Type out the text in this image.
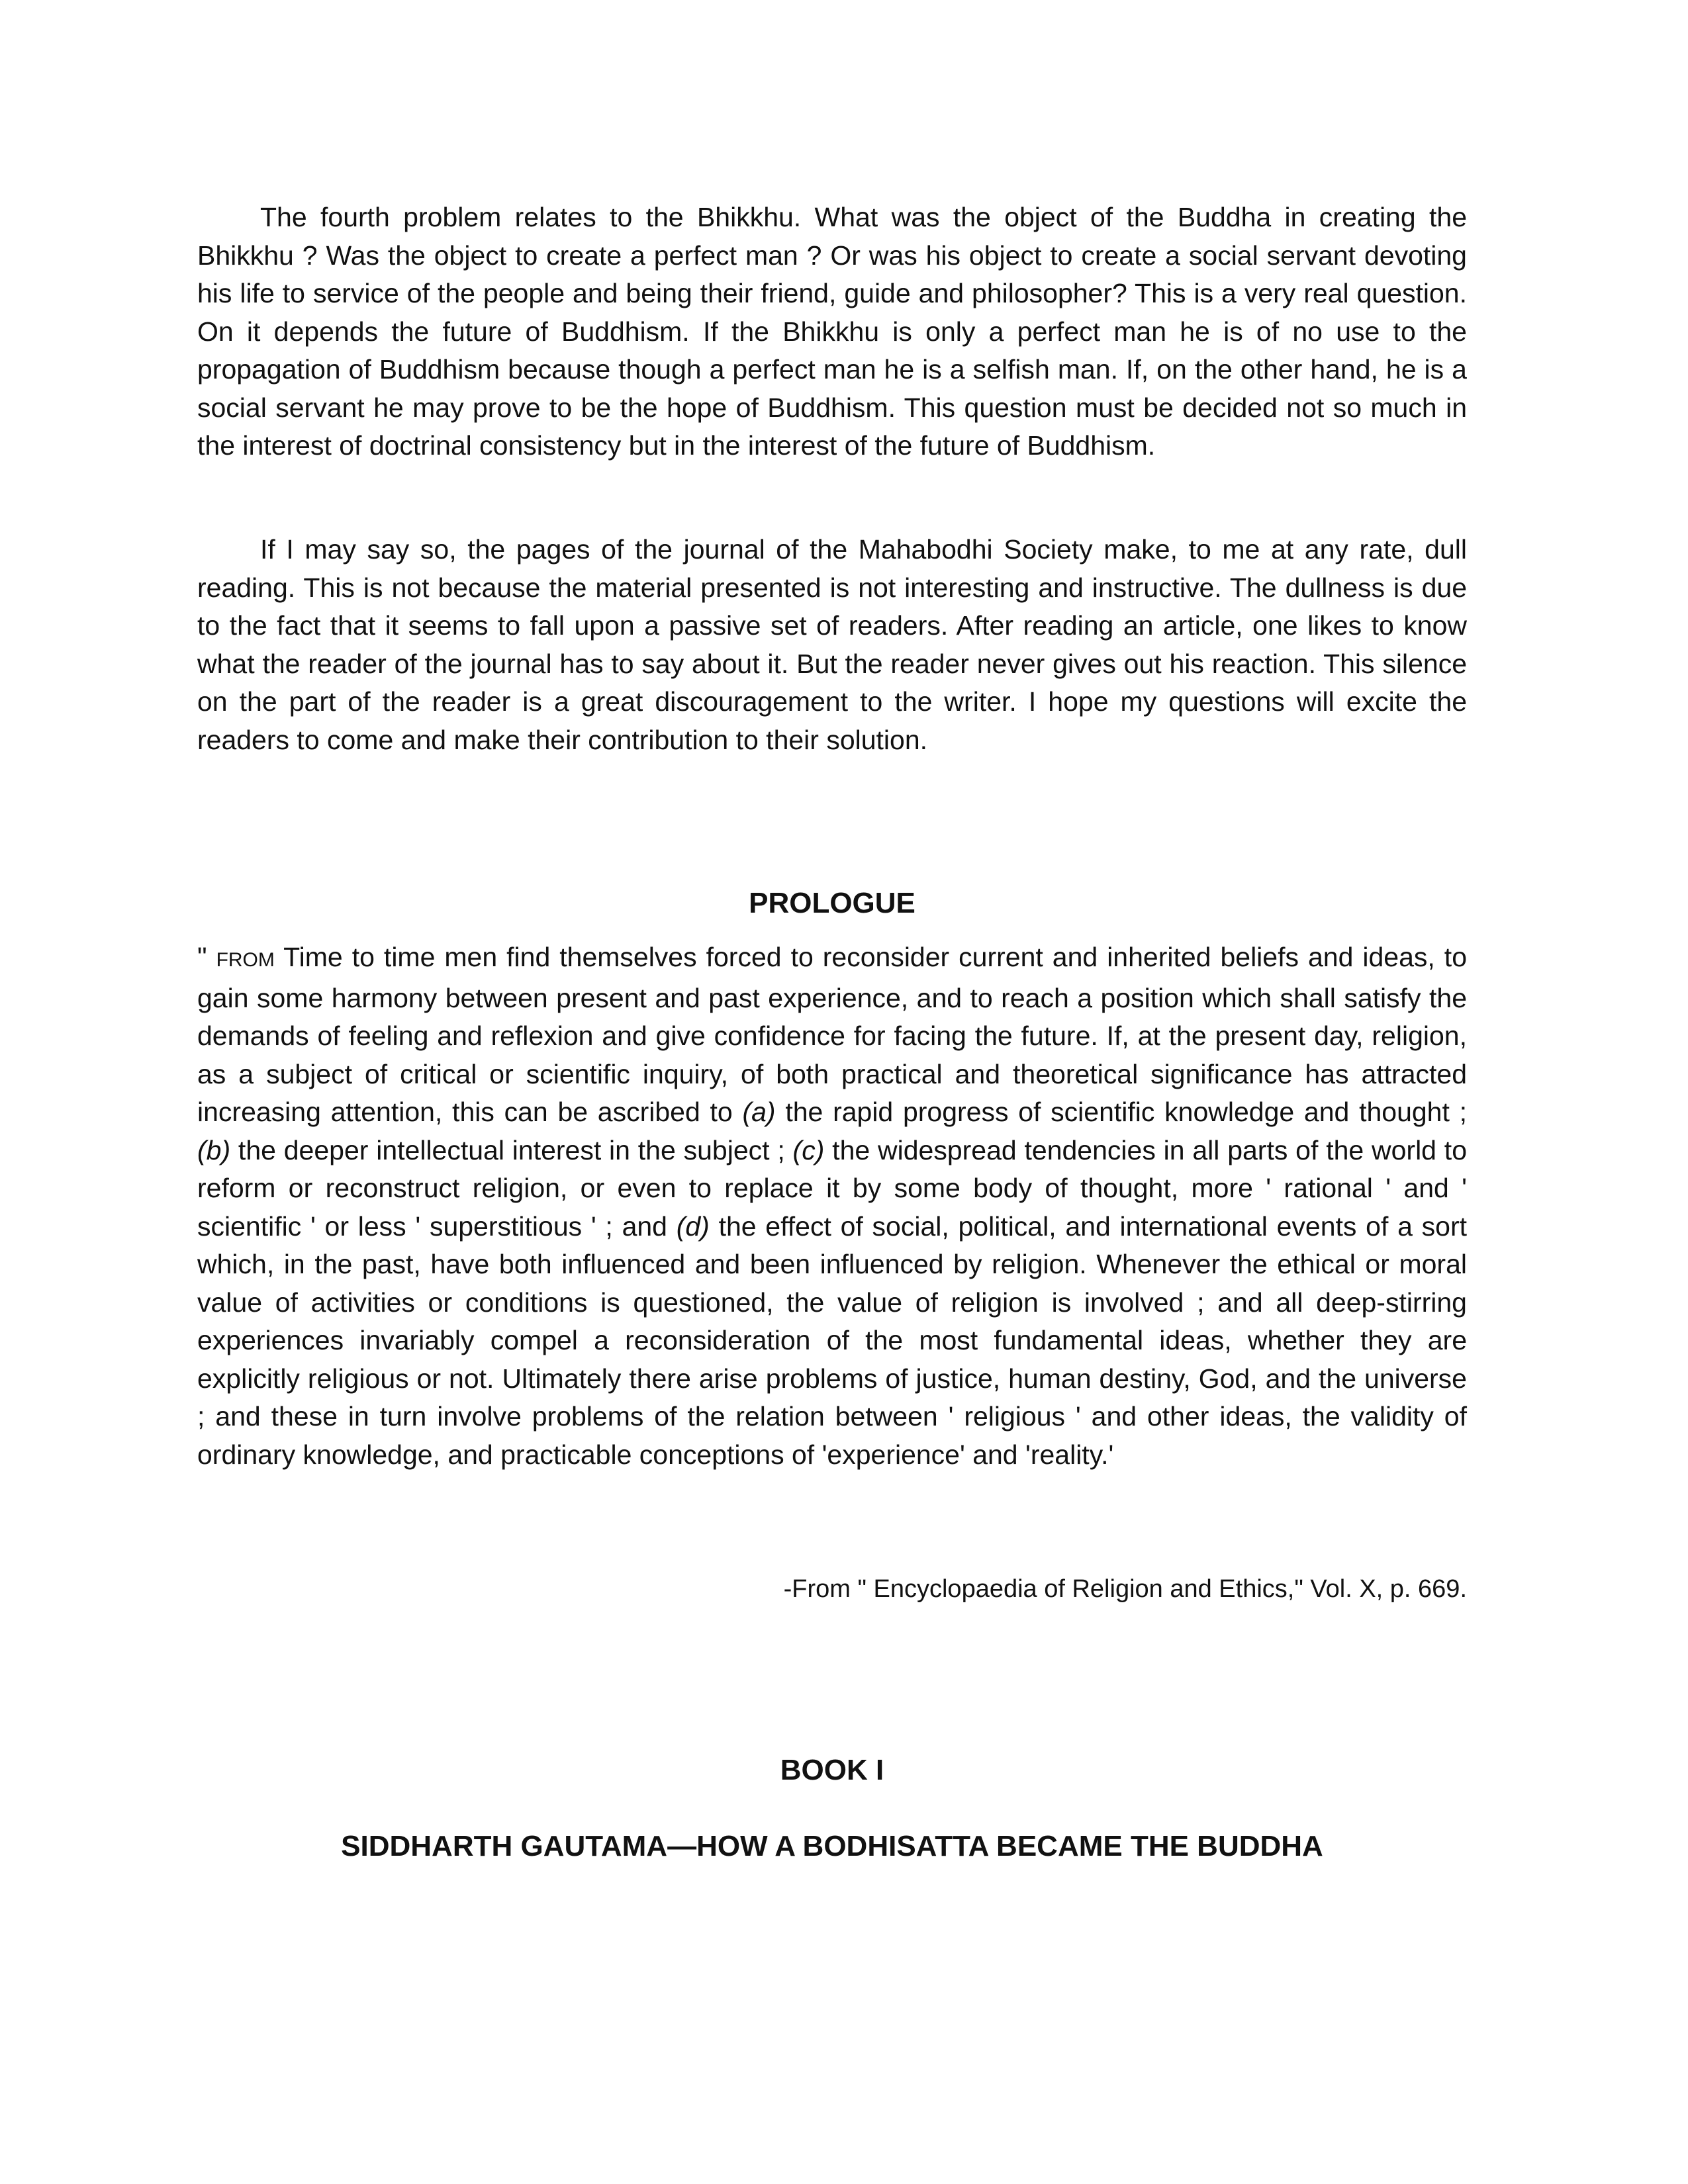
The fourth problem relates to the Bhikkhu. What was the object of the Buddha in creating the Bhikkhu ? Was the object to create a perfect man ? Or was his object to create a social servant devoting his life to service of the people and being their friend, guide and philosopher? This is a very real question. On it depends the future of Buddhism. If the Bhikkhu is only a perfect man he is of no use to the propagation of Buddhism because though a perfect man he is a selfish man. If, on the other hand, he is a social servant he may prove to be the hope of Buddhism. This question must be decided not so much in the interest of doctrinal consistency but in the interest of the future of Buddhism.

If I may say so, the pages of the journal of the Mahabodhi Society make, to me at any rate, dull reading. This is not because the material presented is not interesting and instructive. The dullness is due to the fact that it seems to fall upon a passive set of readers. After reading an article, one likes to know what the reader of the journal has to say about it. But the reader never gives out his reaction. This silence on the part of the reader is a great discouragement to the writer. I hope my questions will excite the readers to come and make their contribution to their solution.

PROLOGUE

" FROM Time to time men find themselves forced to reconsider current and inherited beliefs and ideas, to gain some harmony between present and past experience, and to reach a position which shall satisfy the demands of feeling and reflexion and give confidence for facing the future. If, at the present day, religion, as a subject of critical or scientific inquiry, of both practical and theoretical significance has attracted increasing attention, this can be ascribed to (a) the rapid progress of scientific knowledge and thought ; (b) the deeper intellectual interest in the subject ; (c) the widespread tendencies in all parts of the world to reform or reconstruct religion, or even to replace it by some body of thought, more ' rational ' and ' scientific ' or less ' superstitious ' ; and (d) the effect of social, political, and international events of a sort which, in the past, have both influenced and been influenced by religion. Whenever the ethical or moral value of activities or conditions is questioned, the value of religion is involved ; and all deep-stirring experiences invariably compel a reconsideration of the most fundamental ideas, whether they are explicitly religious or not. Ultimately there arise problems of justice, human destiny, God, and the universe ; and these in turn involve problems of the relation between ' religious ' and other ideas, the validity of ordinary knowledge, and practicable conceptions of 'experience' and 'reality.'

-From " Encyclopaedia of Religion and Ethics," Vol. X, p. 669.

BOOK I
SIDDHARTH GAUTAMA—HOW A BODHISATTA BECAME THE BUDDHA
